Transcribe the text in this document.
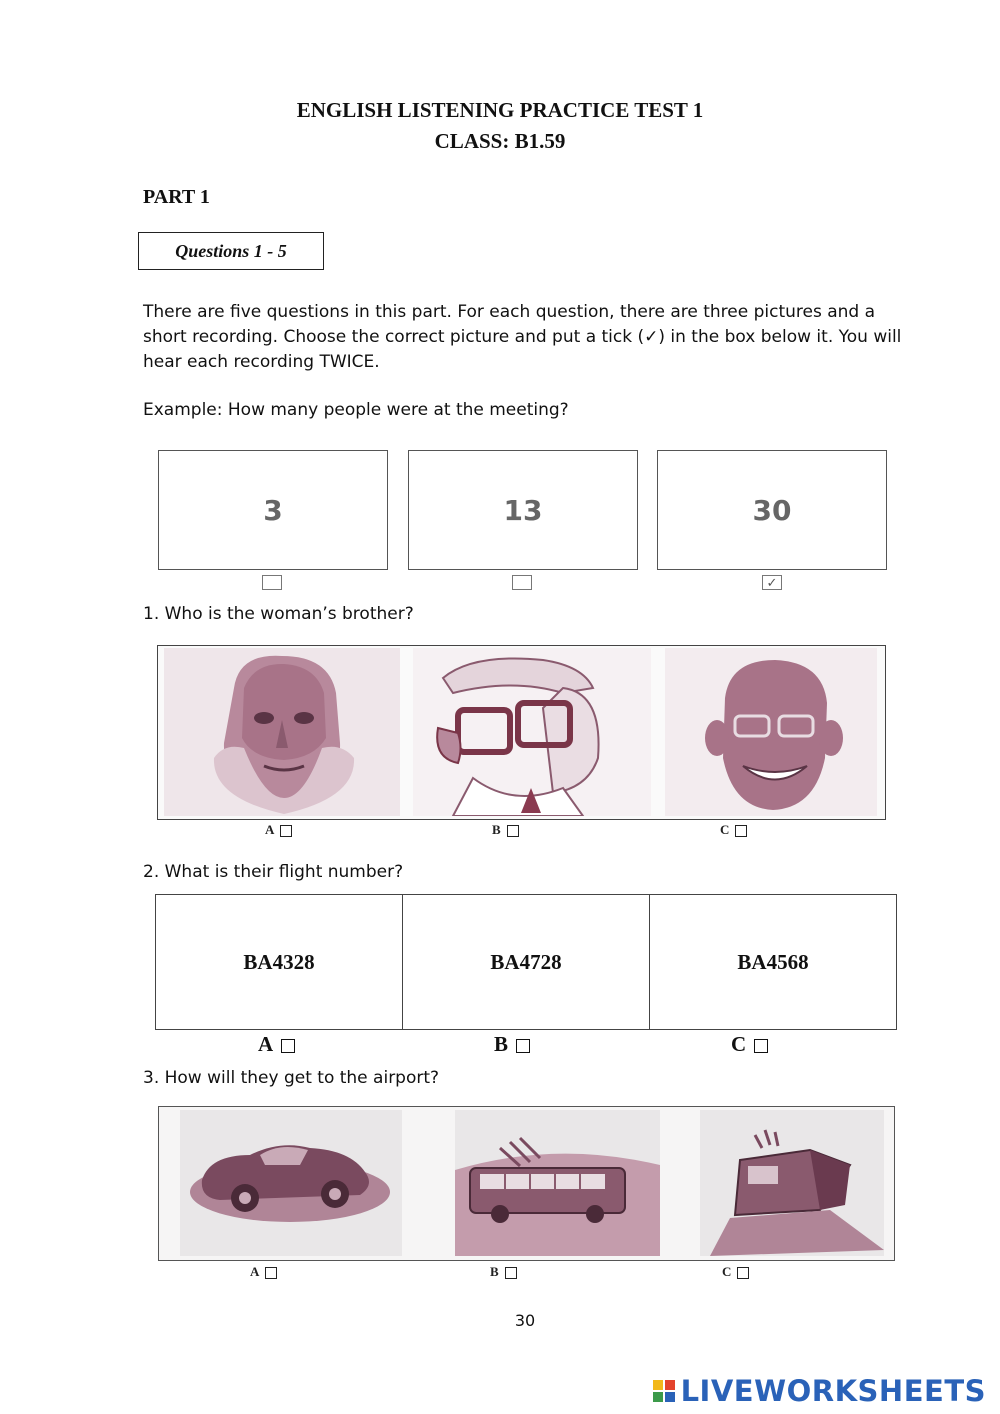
ENGLISH LISTENING PRACTICE TEST 1
CLASS: B1.59
PART 1
Questions 1 - 5
There are five questions in this part. For each question, there are three pictures and a short recording. Choose the correct picture and put a tick (✓) in the box below it. You will hear each recording TWICE.
Example: How many people were at the meeting?
3	13	30
✓
1. Who is the woman’s brother?
A	B	C
2. What is their flight number?
BA4328	BA4728	BA4568
A	B	C
3. How will they get to the airport?
A	B	C
30
LIVEWORKSHEETS
